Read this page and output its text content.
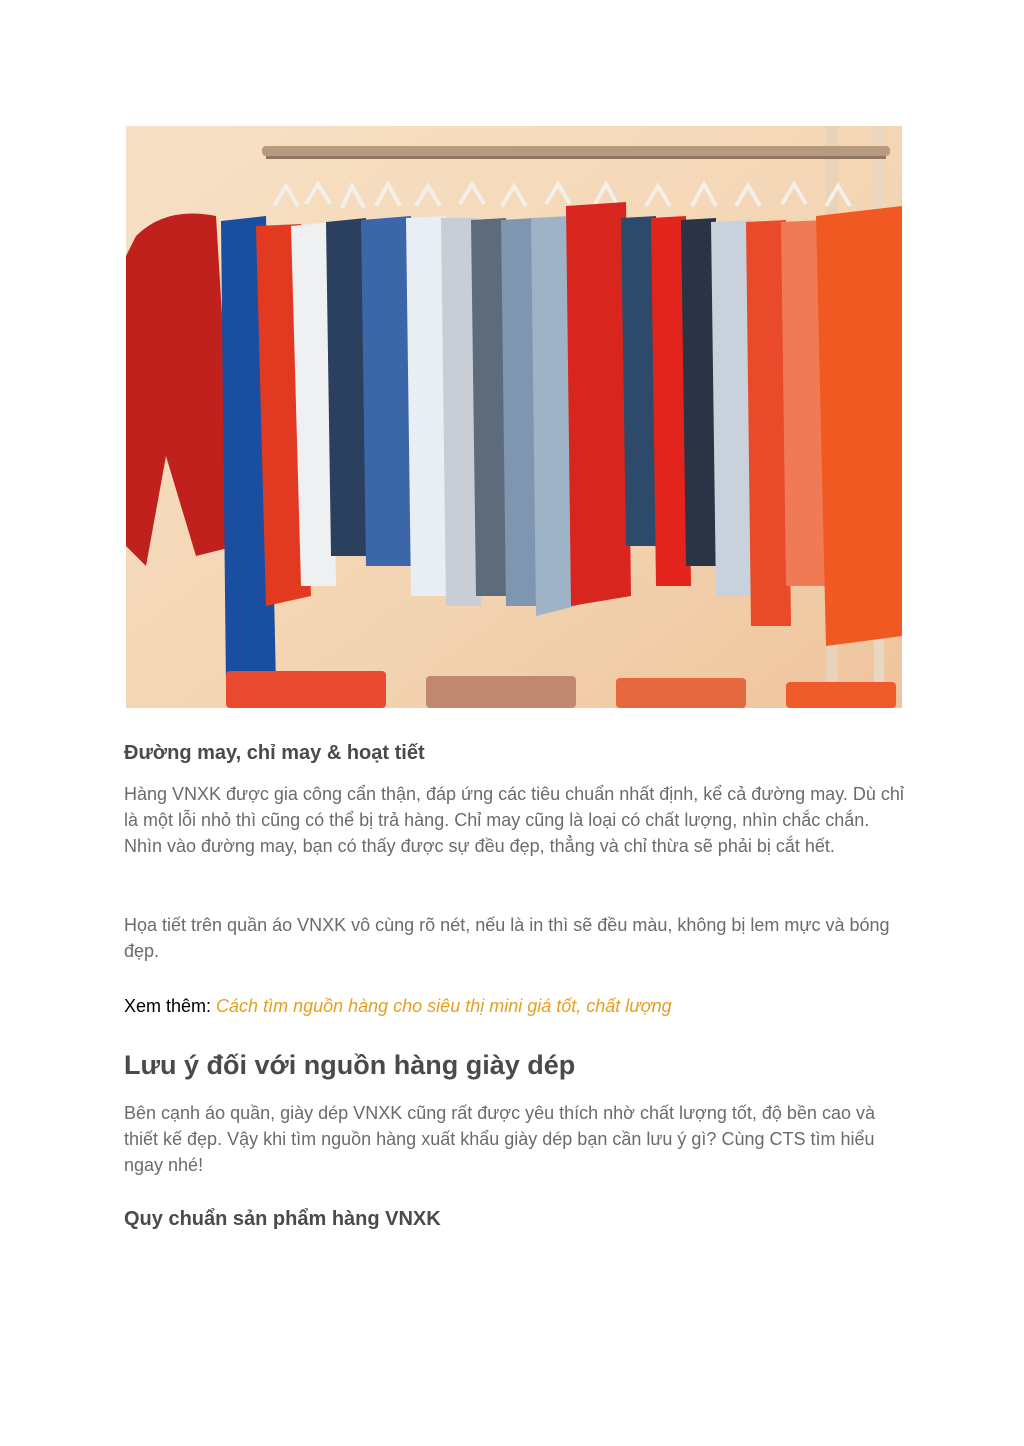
Đường may, chỉ may & hoạt tiết

Hàng VNXK được gia công cẩn thận, đáp ứng các tiêu chuẩn nhất định, kể cả đường may. Dù chỉ là một lỗi nhỏ thì cũng có thể bị trả hàng. Chỉ may cũng là loại có chất lượng, nhìn chắc chắn. Nhìn vào đường may, bạn có thấy được sự đều đẹp, thẳng và chỉ thừa sẽ phải bị cắt hết.

Họa tiết trên quần áo VNXK vô cùng rõ nét, nếu là in thì sẽ đều màu, không bị lem mực và bóng đẹp.

Xem thêm: Cách tìm nguồn hàng cho siêu thị mini giá tốt, chất lượng

Lưu ý đối với nguồn hàng giày dép

Bên cạnh áo quần, giày dép VNXK cũng rất được yêu thích nhờ chất lượng tốt, độ bền cao và thiết kế đẹp. Vậy khi tìm nguồn hàng xuất khẩu giày dép bạn cần lưu ý gì? Cùng CTS tìm hiểu ngay nhé!

Quy chuẩn sản phẩm hàng VNXK
